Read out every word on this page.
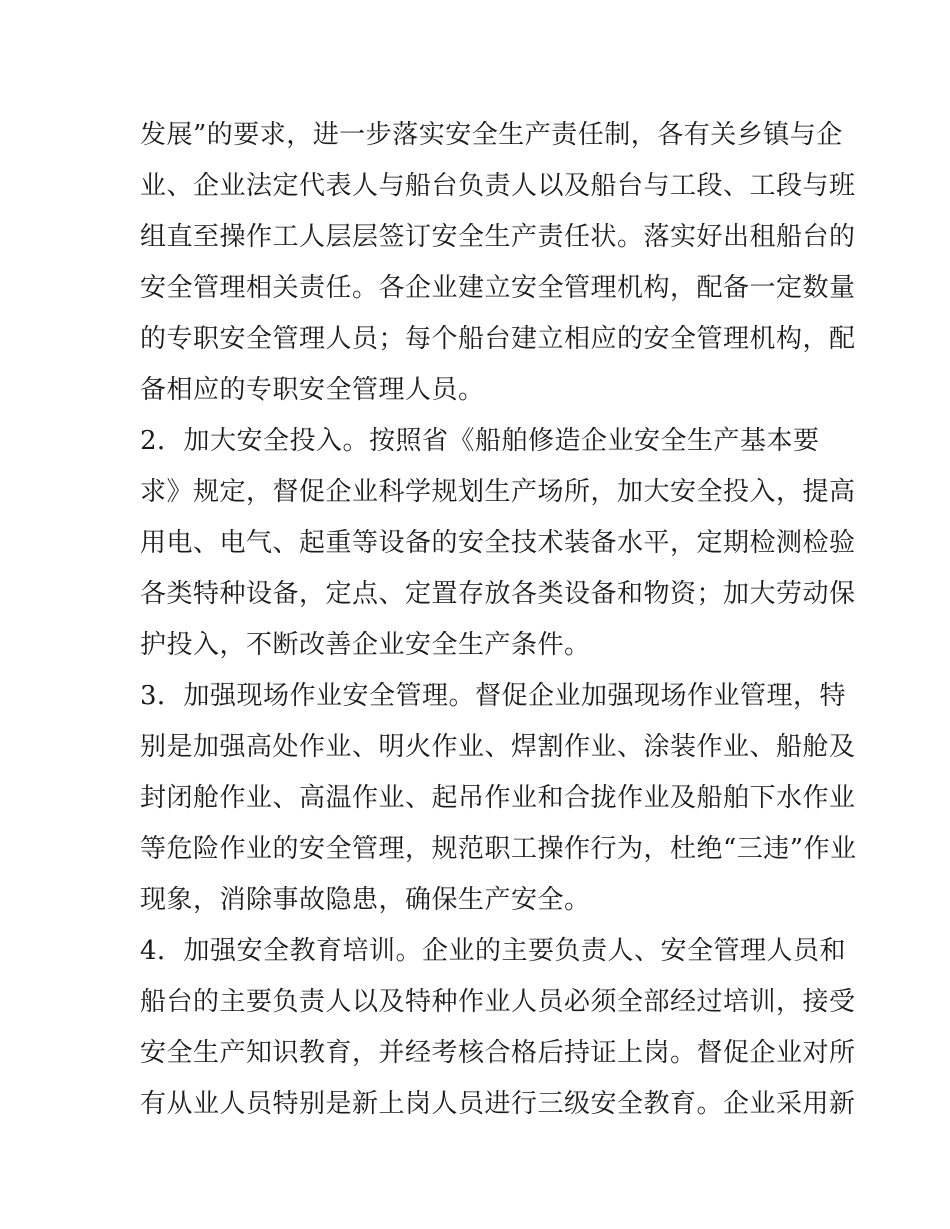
发展”的要求，进一步落实安全生产责任制，各有关乡镇与企
业、企业法定代表人与船台负责人以及船台与工段、工段与班
组直至操作工人层层签订安全生产责任状。落实好出租船台的
安全管理相关责任。各企业建立安全管理机构，配备一定数量
的专职安全管理人员；每个船台建立相应的安全管理机构，配
备相应的专职安全管理人员。
2．加大安全投入。按照省《船舶修造企业安全生产基本要
求》规定，督促企业科学规划生产场所，加大安全投入，提高
用电、电气、起重等设备的安全技术装备水平，定期检测检验
各类特种设备，定点、定置存放各类设备和物资；加大劳动保
护投入，不断改善企业安全生产条件。
3．加强现场作业安全管理。督促企业加强现场作业管理，特
别是加强高处作业、明火作业、焊割作业、涂装作业、船舱及
封闭舱作业、高温作业、起吊作业和合拢作业及船舶下水作业
等危险作业的安全管理，规范职工操作行为，杜绝“三违”作业
现象，消除事故隐患，确保生产安全。
4．加强安全教育培训。企业的主要负责人、安全管理人员和
船台的主要负责人以及特种作业人员必须全部经过培训，接受
安全生产知识教育，并经考核合格后持证上岗。督促企业对所
有从业人员特别是新上岗人员进行三级安全教育。企业采用新
